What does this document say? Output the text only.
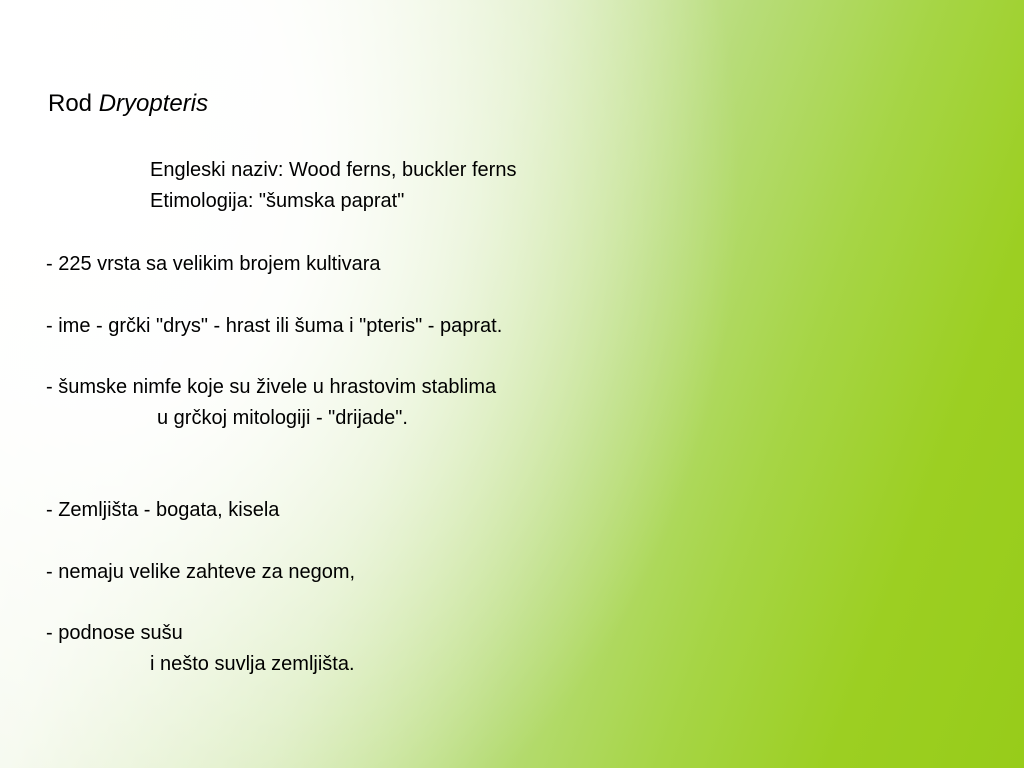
Rod Dryopteris
Engleski naziv: Wood ferns, buckler ferns
Etimologija: "šumska paprat"
- 225 vrsta sa velikim brojem kultivara
- ime - grčki "drys" - hrast ili šuma i "pteris" - paprat.
- šumske nimfe koje su živele u hrastovim stablima
u grčkoj mitologiji - "drijade".
- Zemljišta - bogata, kisela
- nemaju velike zahteve za negom,
- podnose sušu
i nešto suvlja zemljišta.
